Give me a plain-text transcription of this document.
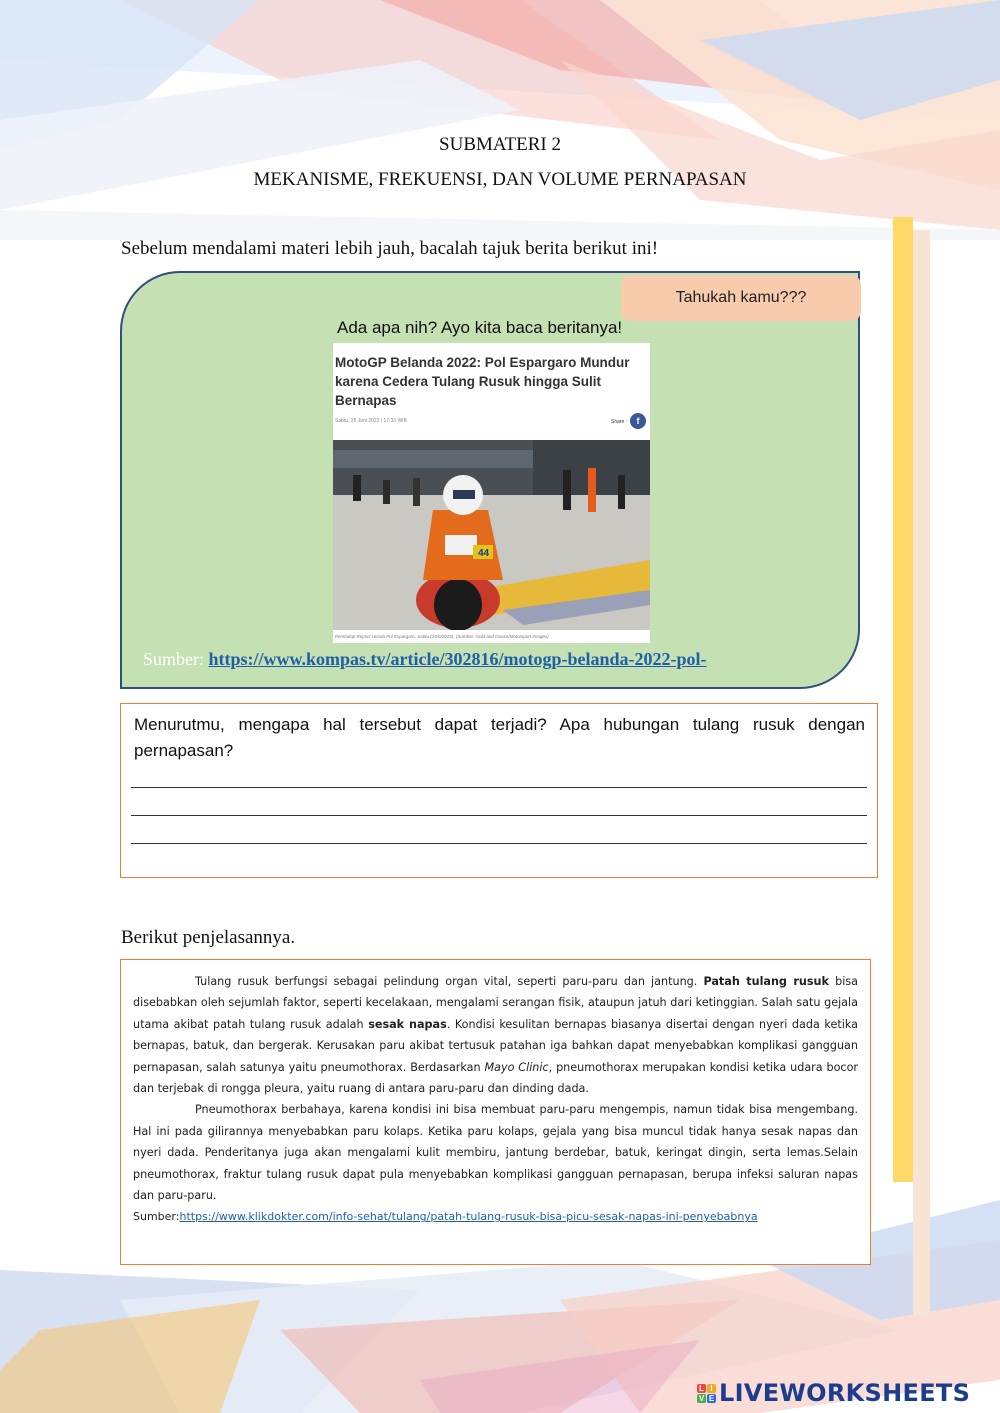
SUBMATERI 2
MEKANISME, FREKUENSI, DAN VOLUME PERNAPASAN
Sebelum mendalami materi lebih jauh, bacalah tajuk berita berikut ini!
Tahukah kamu???
Ada apa nih? Ayo kita baca beritanya!
MotoGP Belanda 2022: Pol Espargaro Mundur karena Cedera Tulang Rusuk hingga Sulit Bernapas
Sabtu, 25 Juni 2022 | 17:33 WIB	Share :	f
44
Pembalap Repsol Honda Pol Espargaro, Sabtu (25/6/2022). (Sumber: Gold and Goose/Motorsport Images)
Sumber: https://www.kompas.tv/article/302816/motogp-belanda-2022-pol-
Menurutmu, mengapa hal tersebut dapat terjadi? Apa hubungan tulang rusuk dengan pernapasan?
Berikut penjelasannya.

Tulang rusuk berfungsi sebagai pelindung organ vital, seperti paru-paru dan jantung. Patah tulang rusuk bisa disebabkan oleh sejumlah faktor, seperti kecelakaan, mengalami serangan fisik, ataupun jatuh dari ketinggian. Salah satu gejala utama akibat patah tulang rusuk adalah sesak napas. Kondisi kesulitan bernapas biasanya disertai dengan nyeri dada ketika bernapas, batuk, dan bergerak. Kerusakan paru akibat tertusuk patahan iga bahkan dapat menyebabkan komplikasi gangguan pernapasan, salah satunya yaitu pneumothorax. Berdasarkan Mayo Clinic, pneumothorax merupakan kondisi ketika udara bocor dan terjebak di rongga pleura, yaitu ruang di antara paru-paru dan dinding dada.

Pneumothorax berbahaya, karena kondisi ini bisa membuat paru-paru mengempis, namun tidak bisa mengembang. Hal ini pada gilirannya menyebabkan paru kolaps. Ketika paru kolaps, gejala yang bisa muncul tidak hanya sesak napas dan nyeri dada. Penderitanya juga akan mengalami kulit membiru, jantung berdebar, batuk, keringat dingin, serta lemas.Selain pneumothorax, fraktur tulang rusuk dapat pula menyebabkan komplikasi gangguan pernapasan, berupa infeksi saluran napas dan paru-paru.

Sumber:https://www.klikdokter.com/info-sehat/tulang/patah-tulang-rusuk-bisa-picu-sesak-napas-ini-penyebabnya

L I
V E LIVEWORKSHEETS
